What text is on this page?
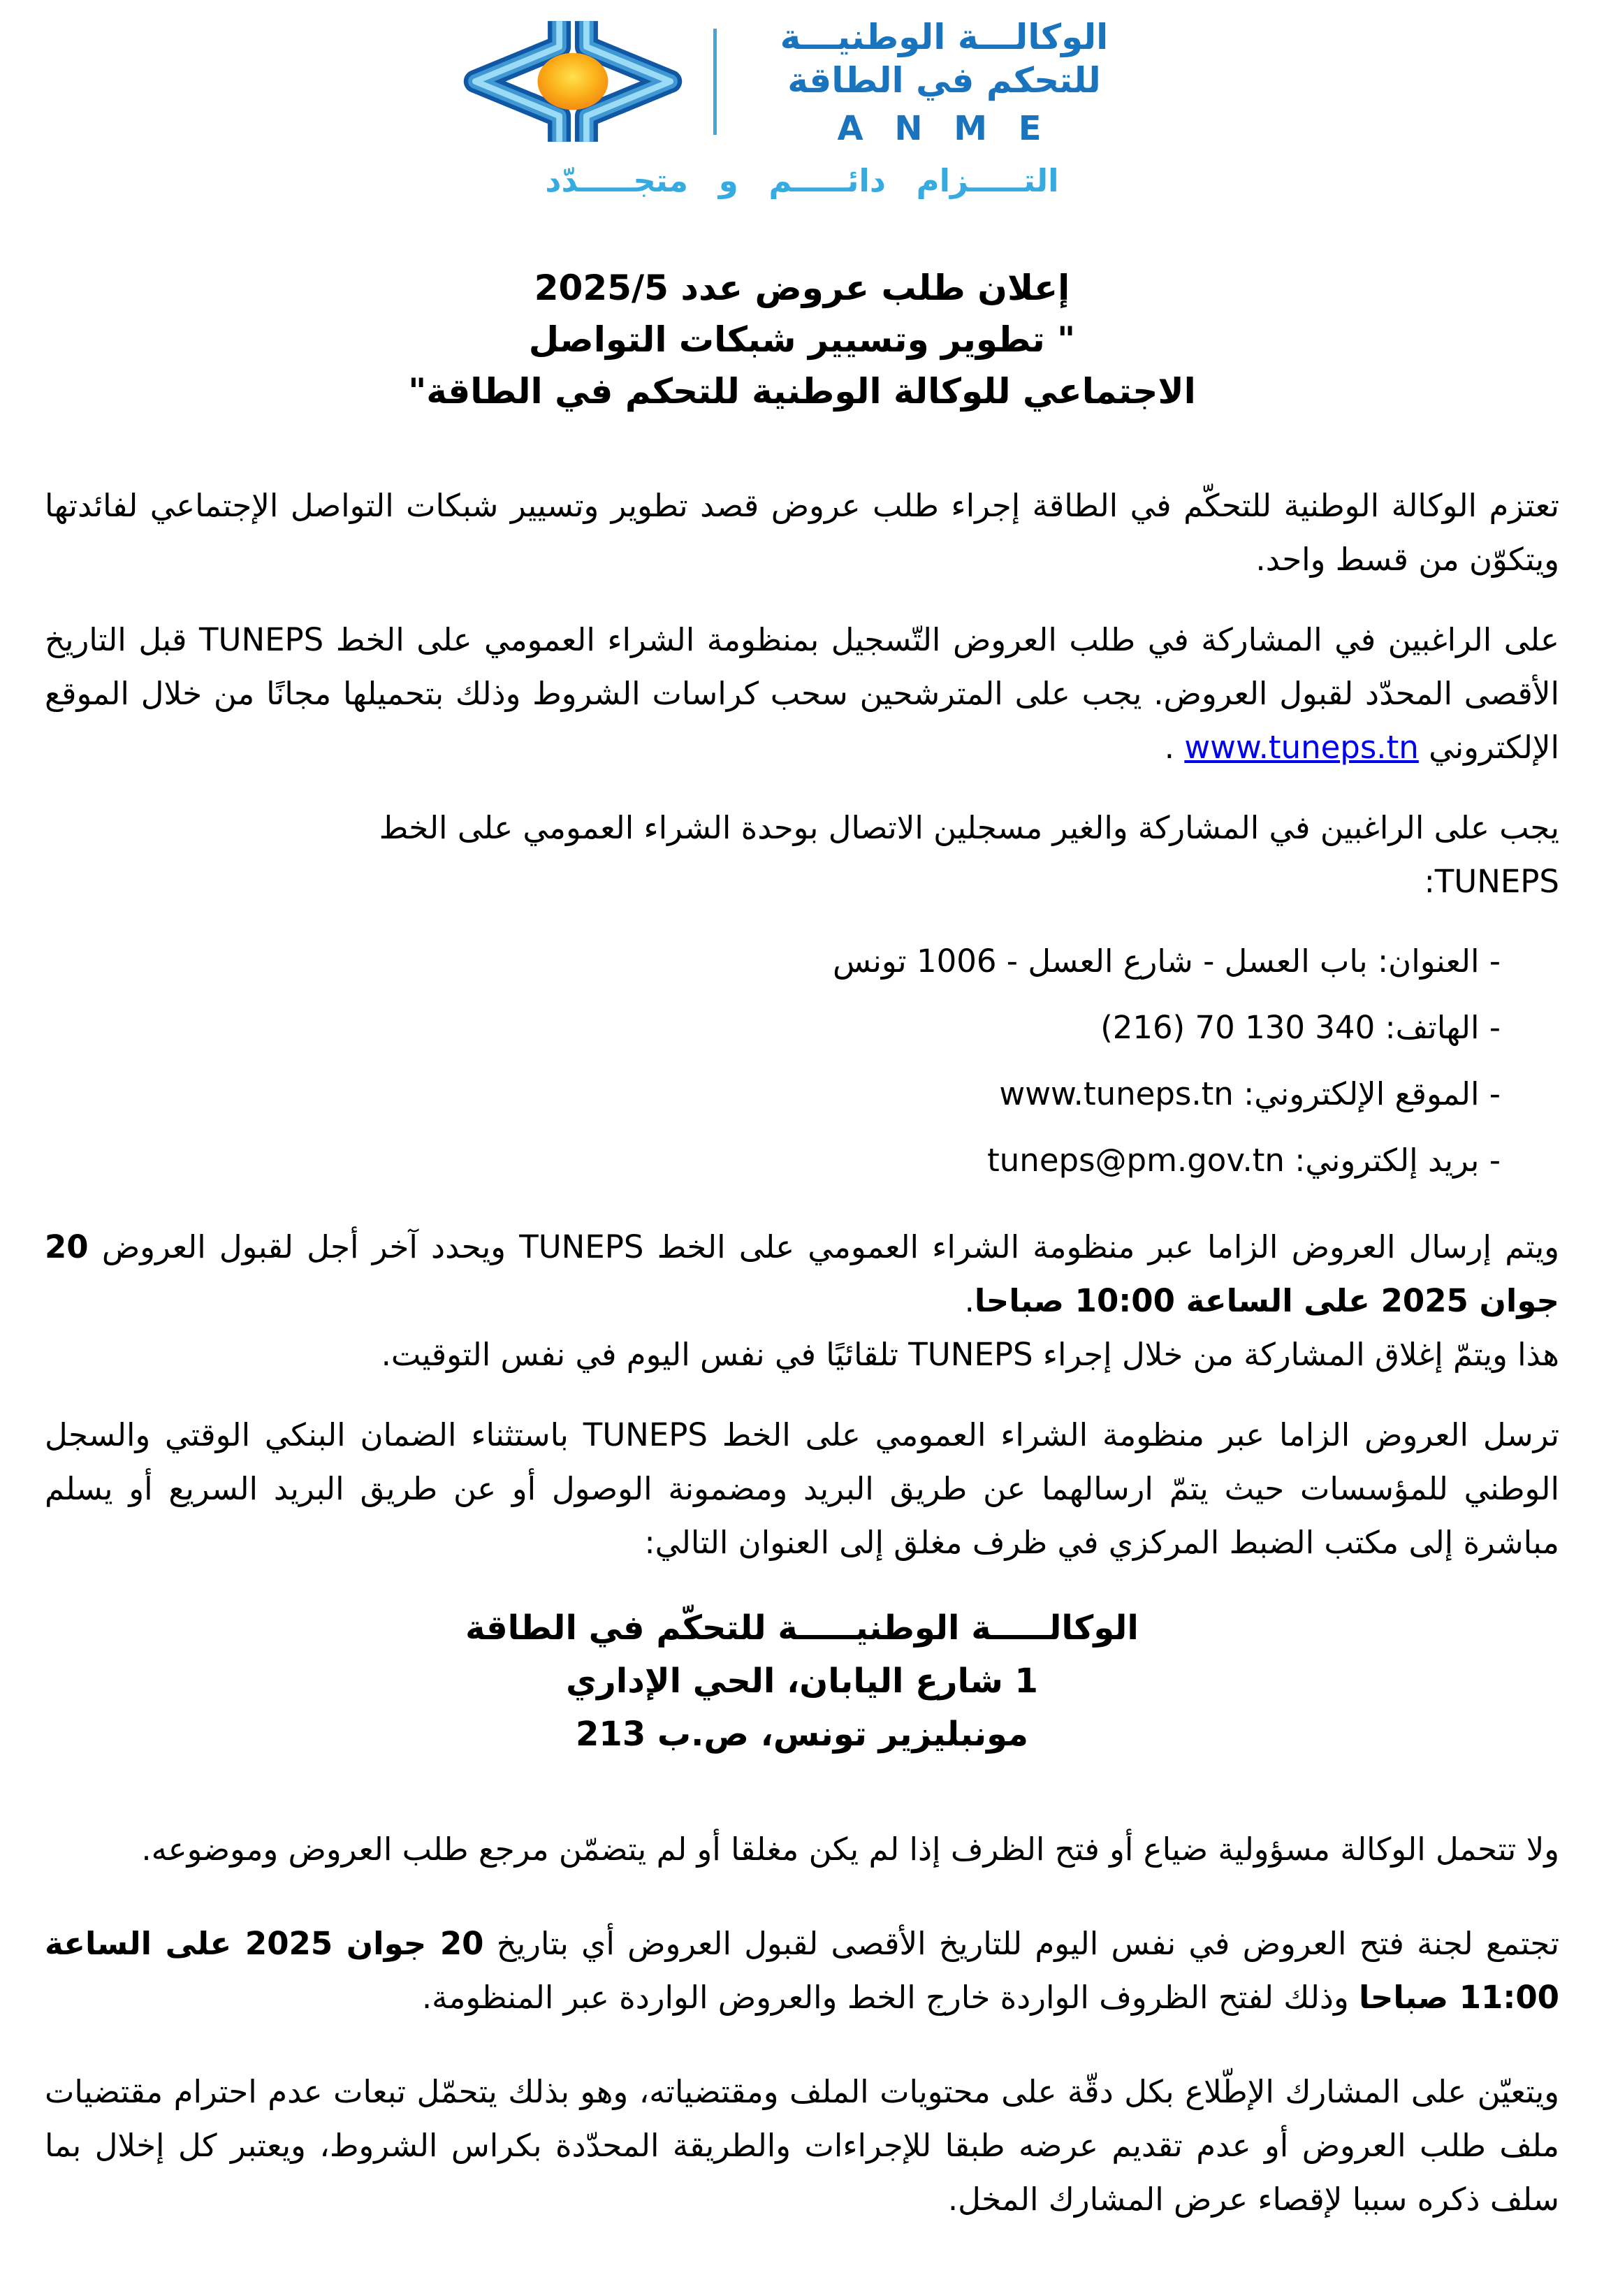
الوكالـــة الوطنيـــة
للتحكم في الطاقة
A N M E
التـــــزام دائـــــم و متجـــــدّد
إعلان طلب عروض عدد 2025/5
" تطوير وتسيير شبكات التواصل
الاجتماعي للوكالة الوطنية للتحكم في الطاقة"

تعتزم الوكالة الوطنية للتحكّم في الطاقة إجراء طلب عروض قصد تطوير وتسيير شبكات التواصل الإجتماعي لفائدتها ويتكوّن من قسط واحد.

على الراغبين في المشاركة في طلب العروض التّسجيل بمنظومة الشراء العمومي على الخط TUNEPS قبل التاريخ الأقصى المحدّد لقبول العروض. يجب على المترشحين سحب كراسات الشروط وذلك بتحميلها مجانًا من خلال الموقع الإلكتروني www.tuneps.tn .

يجب على الراغبين في المشاركة والغير مسجلين الاتصال بوحدة الشراء العمومي على الخط
TUNEPS:

- العنوان: باب العسل - شارع العسل - 1006 تونس
- الهاتف: (216) 70 130 340
- الموقع الإلكتروني: www.tuneps.tn
- بريد إلكتروني: tuneps@pm.gov.tn

ويتم إرسال العروض الزاما عبر منظومة الشراء العمومي على الخط TUNEPS ويحدد آخر أجل لقبول العروض 20 جوان 2025 على الساعة 10:00 صباحا.

هذا ويتمّ إغلاق المشاركة من خلال إجراء TUNEPS تلقائيًا في نفس اليوم في نفس التوقيت.

ترسل العروض الزاما عبر منظومة الشراء العمومي على الخط TUNEPS باستثناء الضمان البنكي الوقتي والسجل الوطني للمؤسسات حيث يتمّ ارسالهما عن طريق البريد ومضمونة الوصول أو عن طريق البريد السريع أو يسلم مباشرة إلى مكتب الضبط المركزي في ظرف مغلق إلى العنوان التالي:

الوكالـــــة الوطنيـــــة للتحكّم في الطاقة
1 شارع اليابان، الحي الإداري
مونبليزير تونس، ص.ب 213

ولا تتحمل الوكالة مسؤولية ضياع أو فتح الظرف إذا لم يكن مغلقا أو لم يتضمّن مرجع طلب العروض وموضوعه.

تجتمع لجنة فتح العروض في نفس اليوم للتاريخ الأقصى لقبول العروض أي بتاريخ 20 جوان 2025 على الساعة 11:00 صباحا وذلك لفتح الظروف الواردة خارج الخط والعروض الواردة عبر المنظومة.

ويتعيّن على المشارك الإطّلاع بكل دقّة على محتويات الملف ومقتضياته، وهو بذلك يتحمّل تبعات عدم احترام مقتضيات ملف طلب العروض أو عدم تقديم عرضه طبقا للإجراءات والطريقة المحدّدة بكراس الشروط، ويعتبر كل إخلال بما سلف ذكره سببا لإقصاء عرض المشارك المخل.
